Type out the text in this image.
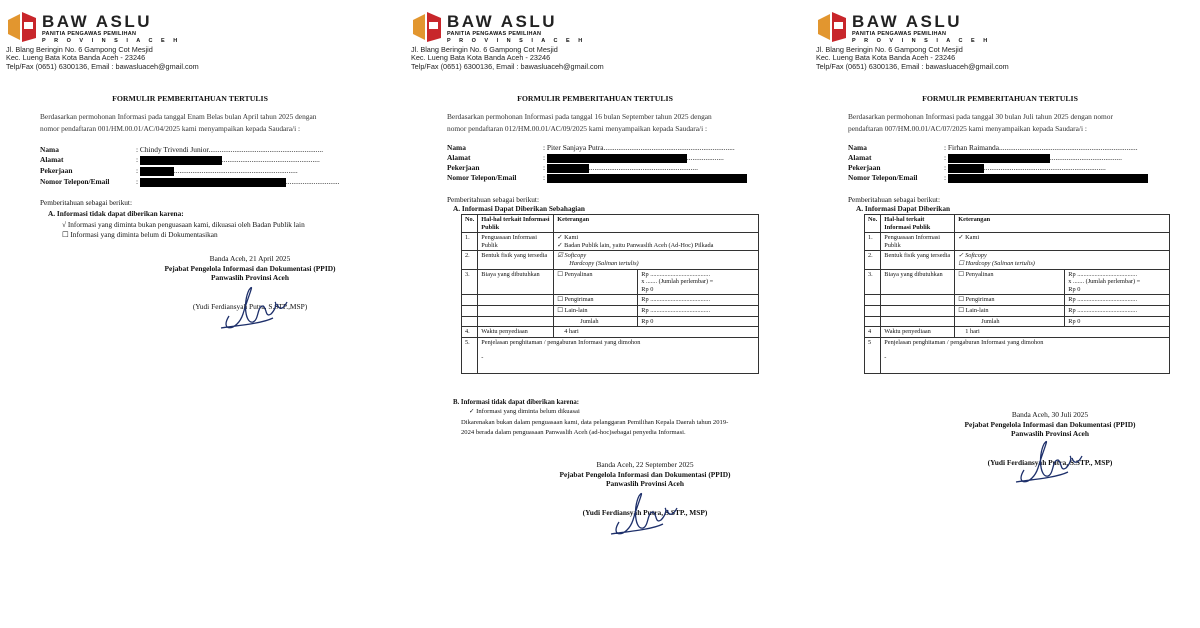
BAW ASLU
PANITIA PENGAWAS PEMILIHAN
P R O V I N S I A C E H
Jl. Blang Beringin No. 6 Gampong Cot Mesjid
Kec. Lueng Bata Kota Banda Aceh - 23246
Telp/Fax (0651) 6300136, Email : bawasluaceh@gmail.com
FORMULIR PEMBERITAHUAN TERTULIS
Berdasarkan permohonan Informasi pada tanggal Enam Belas bulan April tahun 2025 dengan
nomor pendaftaran 001/HM.00.01/AC/04/2025 kami menyampaikan kepada Saudara/i :
Nama	: Chindy Trivendi Junior..............................................................
Alamat	:	.....................................................
Pekerjaan	:	...................................................................
Nomor Telepon/Email	:	.............................
Pemberitahuan sebagai berikut:
A. Informasi tidak dapat diberikan karena:
√ Informasi yang diminta bukan penguasaan kami, dikuasai oleh Badan Publik lain
☐ Informasi yang diminta belum di Dokumentasikan
Banda Aceh, 21 April 2025
Pejabat Pengelola Informasi dan Dokumentasi (PPID)
Panwaslih Provinsi Aceh
(Yudi Ferdiansyah Putra, S.STP.,MSP)
BAW ASLU
PANITIA PENGAWAS PEMILIHAN
P R O V I N S I A C E H
Jl. Blang Beringin No. 6 Gampong Cot Mesjid
Kec. Lueng Bata Kota Banda Aceh - 23246
Telp/Fax (0651) 6300136, Email : bawasluaceh@gmail.com
FORMULIR PEMBERITAHUAN TERTULIS
Berdasarkan permohonan Informasi pada tanggal 16 bulan September tahun 2025 dengan
nomor pendaftaran 012/HM.00.01/AC/09/2025 kami menyampaikan kepada Saudara/i :
Nama	: Piter Sanjaya Putra.......................................................................
Alamat	:	....................
Pekerjaan	:	...........................................................
Nomor Telepon/Email	:
Pemberitahuan sebagai berikut:
A. Informasi Dapat Diberikan Sebahagian
No.	Hal-hal terkait Informasi Publik	Keterangan	
1.	Penguasaan Informasi Publik	✓ Kami
✓ Badan Publik lain, yaitu Panwaslih Aceh (Ad-Hoc) Pilkada	

2.	Bentuk fisik yang tersedia	☑ Softcopy
Hardcopy (Salinan tertulis)	

3.	Biaya yang dibutuhkan	☐ Penyalinan	Rp ......................................
x ....... (Jumlah perlembar) =
Rp 0

		☐ Pengiriman	Rp ......................................
		☐ Lain-lain	Rp ......................................
		Jumlah	Rp 0
4.	Waktu penyediaan	4 hari	
5.	Penjelasan penghitaman / pengaburan Informasi yang dimohon
-		
B. Informasi tidak dapat diberikan karena:
✓ Informasi yang diminta belum dikuasai
Dikarenakan bukan dalam penguasaan kami, data pelanggaran Pemilihan Kepala Daerah tahun 2019-
2024 berada dalam penguasaan Panwaslih Aceh (ad-hoc)sebagai penyedia Informasi.
Banda Aceh, 22 September 2025
Pejabat Pengelola Informasi dan Dokumentasi (PPID)
Panwaslih Provinsi Aceh
(Yudi Ferdiansyah Putra, S.STP., MSP)
BAW ASLU
PANITIA PENGAWAS PEMILIHAN
P R O V I N S I A C E H
Jl. Blang Beringin No. 6 Gampong Cot Mesjid
Kec. Lueng Bata Kota Banda Aceh - 23246
Telp/Fax (0651) 6300136, Email : bawasluaceh@gmail.com
FORMULIR PEMBERITAHUAN TERTULIS
Berdasarkan permohonan Informasi pada tanggal 30 bulan Juli tahun 2025 dengan nomor
pendaftaran 007/HM.00.01/AC/07/2025 kami menyampaikan kepada Saudara/i :
Nama	: Firhan Raimanda...........................................................................
Alamat	:	.......................................
Pekerjaan	:	..................................................................
Nomor Telepon/Email	:
Pemberitahuan sebagai berikut:
A. Informasi Dapat Diberikan
No.	Hal-hal terkait Informasi Publik	Keterangan	
1.	Penguasaan Informasi Publik	✓ Kami	
2.	Bentuk fisik yang tersedia	✓ Softcopy
☐ Hardcopy (Salinan tertulis)	

3.	Biaya yang dibutuhkan	☐ Penyalinan	Rp ......................................
x ....... (Jumlah perlembar) =
Rp 0

		☐ Pengiriman	Rp ......................................
		☐ Lain-lain	Rp ......................................
		Jumlah	Rp 0
4	Waktu penyediaan	1 hari	
5	Penjelasan penghitaman / pengaburan Informasi yang dimohon
-		
Banda Aceh, 30 Juli 2025
Pejabat Pengelola Informasi dan Dokumentasi (PPID)
Panwaslih Provinsi Aceh
(Yudi Ferdiansyah Putra, S.STP., MSP)
